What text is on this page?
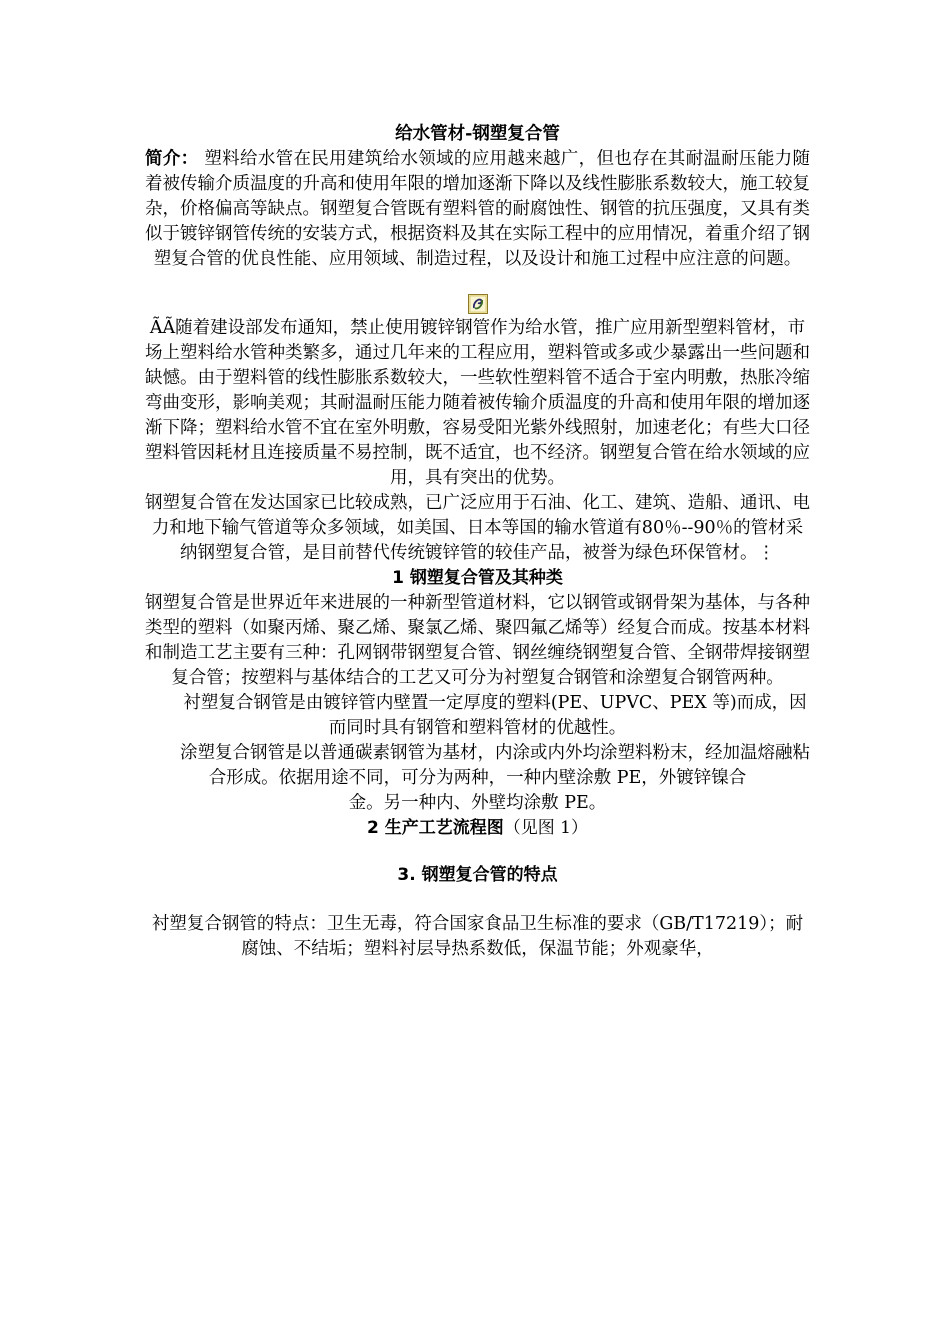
给水管材-钢塑复合管

简介： 塑料给水管在民用建筑给水领域的应用越来越广，但也存在其耐温耐压能力随着被传输介质温度的升高和使用年限的增加逐渐下降以及线性膨胀系数较大，施工较复杂，价格偏高等缺点。钢塑复合管既有塑料管的耐腐蚀性、钢管的抗压强度，又具有类似于镀锌钢管传统的安装方式，根据资料及其在实际工程中的应用情况，着重介绍了钢塑复合管的优良性能、应用领域、制造过程，以及设计和施工过程中应注意的问题。

ÃÃ随着建设部发布通知，禁止使用镀锌钢管作为给水管，推广应用新型塑料管材，市场上塑料给水管种类繁多，通过几年来的工程应用，塑料管或多或少暴露出一些问题和缺憾。由于塑料管的线性膨胀系数较大，一些软性塑料管不适合于室内明敷，热胀冷缩弯曲变形，影响美观；其耐温耐压能力随着被传输介质温度的升高和使用年限的增加逐渐下降；塑料给水管不宜在室外明敷，容易受阳光紫外线照射，加速老化；有些大口径塑料管因耗材且连接质量不易控制，既不适宜，也不经济。钢塑复合管在给水领域的应用，具有突出的优势。

钢塑复合管在发达国家已比较成熟，已广泛应用于石油、化工、建筑、造船、通讯、电力和地下输气管道等众多领域，如美国、日本等国的输水管道有80％--90％的管材采纳钢塑复合管，是目前替代传统镀锌管的较佳产品，被誉为绿色环保管材。⋮

1 钢塑复合管及其种类

钢塑复合管是世界近年来进展的一种新型管道材料，它以钢管或钢骨架为基体，与各种类型的塑料（如聚丙烯、聚乙烯、聚氯乙烯、聚四氟乙烯等）经复合而成。按基本材料和制造工艺主要有三种：孔网钢带钢塑复合管、钢丝缠绕钢塑复合管、全钢带焊接钢塑复合管；按塑料与基体结合的工艺又可分为衬塑复合钢管和涂塑复合钢管两种。

衬塑复合钢管是由镀锌管内壁置一定厚度的塑料(PE、UPVC、PEX 等)而成，因而同时具有钢管和塑料管材的优越性。

涂塑复合钢管是以普通碳素钢管为基材，内涂或内外均涂塑料粉末，经加温熔融粘合形成。依据用途不同，可分为两种，一种内壁涂敷 PE，外镀锌镍合

金。另一种内、外壁均涂敷 PE。

2 生产工艺流程图（见图 1）

3. 钢塑复合管的特点

衬塑复合钢管的特点：卫生无毒，符合国家食品卫生标准的要求（GB/T17219）；耐腐蚀、不结垢；塑料衬层导热系数低，保温节能；外观豪华，
